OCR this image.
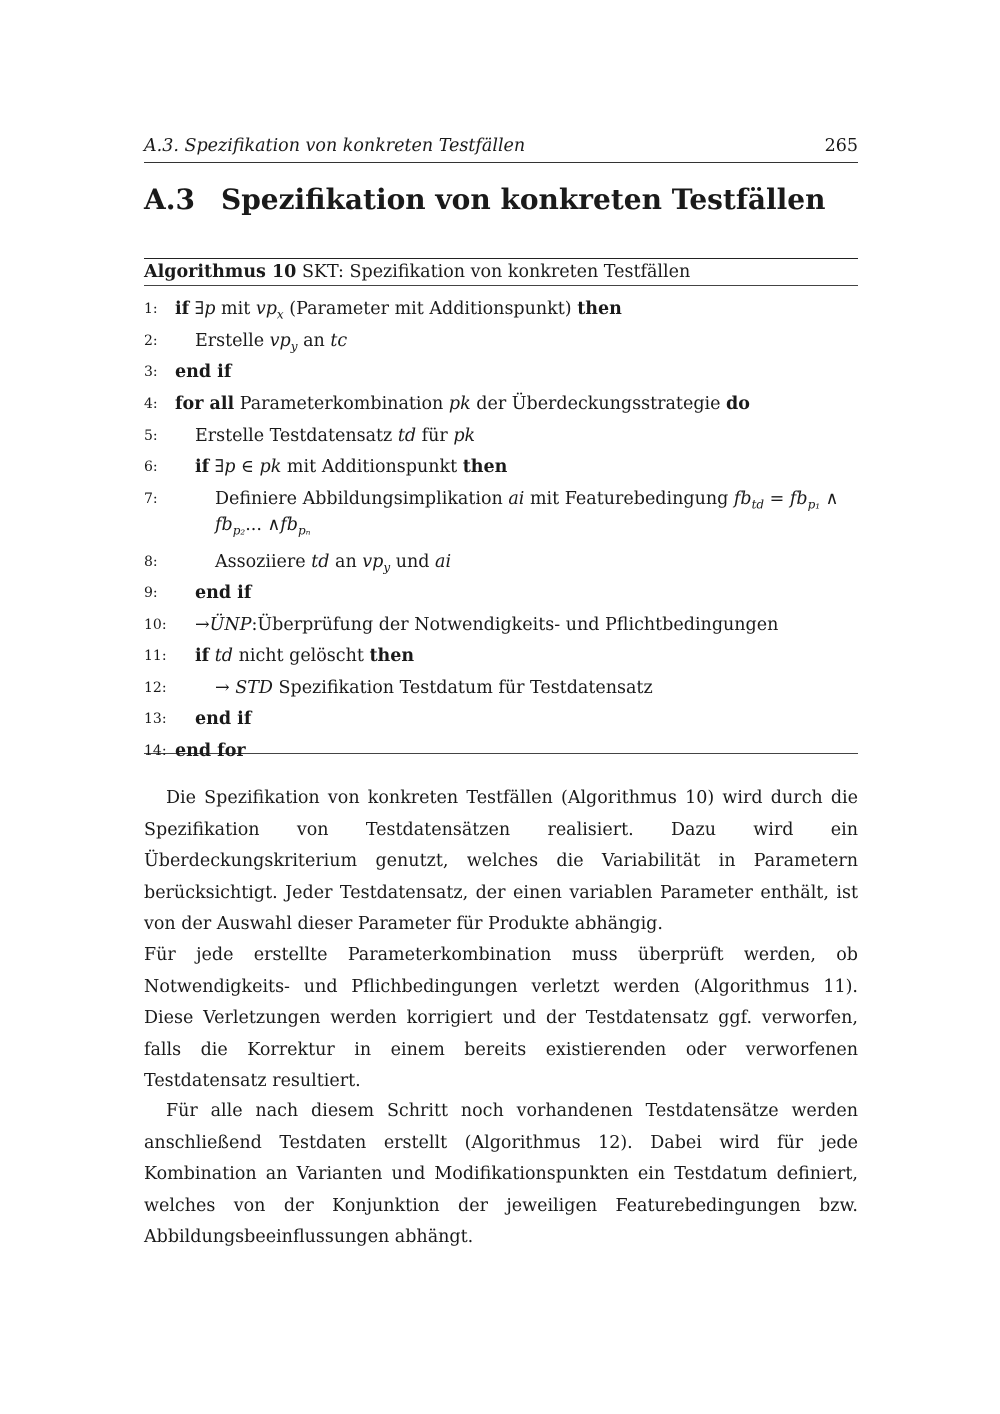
A.3. Spezifikation von konkreten Testfällen	265
A.3 Spezifikation von konkreten Testfällen
Algorithmus 10 SKT: Spezifikation von konkreten Testfällen
1: if ∃p mit $vp_x$ (Parameter mit Additionspunkt) then
2:	Erstelle $vp_y$ an tc
3: end if
4: for all Parameterkombination pk der Überdeckungsstrategie do
5:	Erstelle Testdatensatz td für pk
6:	if ∃p ∈ pk mit Additionspunkt then
7:	Definiere Abbildungsimplikation ai mit Featurebedingung $fb_{td} = fb_{p_1}$ ∧
$fb_{p_2}$... $\wedge fb_{p_n}$
8:	Assoziiere td an $vp_y$ und ai
9:	end if
10:	→ÜNP:Überprüfung der Notwendigkeits- und Pflichtbedingungen
11:	if td nicht gelöscht then
12:	→ STD Spezifikation Testdatum für Testdatensatz
13:	end if
14: end for

Die Spezifikation von konkreten Testfällen (Algorithmus 10) wird durch die Spezifikation von Testdatensätzen realisiert. Dazu wird ein Überdeckungskriterium genutzt, welches die Variabilität in Parametern berücksichtigt. Jeder Testdatensatz, der einen variablen Parameter enthält, ist von der Auswahl dieser Parameter für Produkte abhängig.

Für jede erstellte Parameterkombination muss überprüft werden, ob Notwendigkeits- und Pflichbedingungen verletzt werden (Algorithmus 11). Diese Verletzungen werden korrigiert und der Testdatensatz ggf. verworfen, falls die Korrektur in einem bereits existierenden oder verworfenen Testdatensatz resultiert.

Für alle nach diesem Schritt noch vorhandenen Testdatensätze werden anschließend Testdaten erstellt (Algorithmus 12). Dabei wird für jede Kombination an Varianten und Modifikationspunkten ein Testdatum definiert, welches von der Konjunktion der jeweiligen Featurebedingungen bzw. Abbildungsbeeinflussungen abhängt.
